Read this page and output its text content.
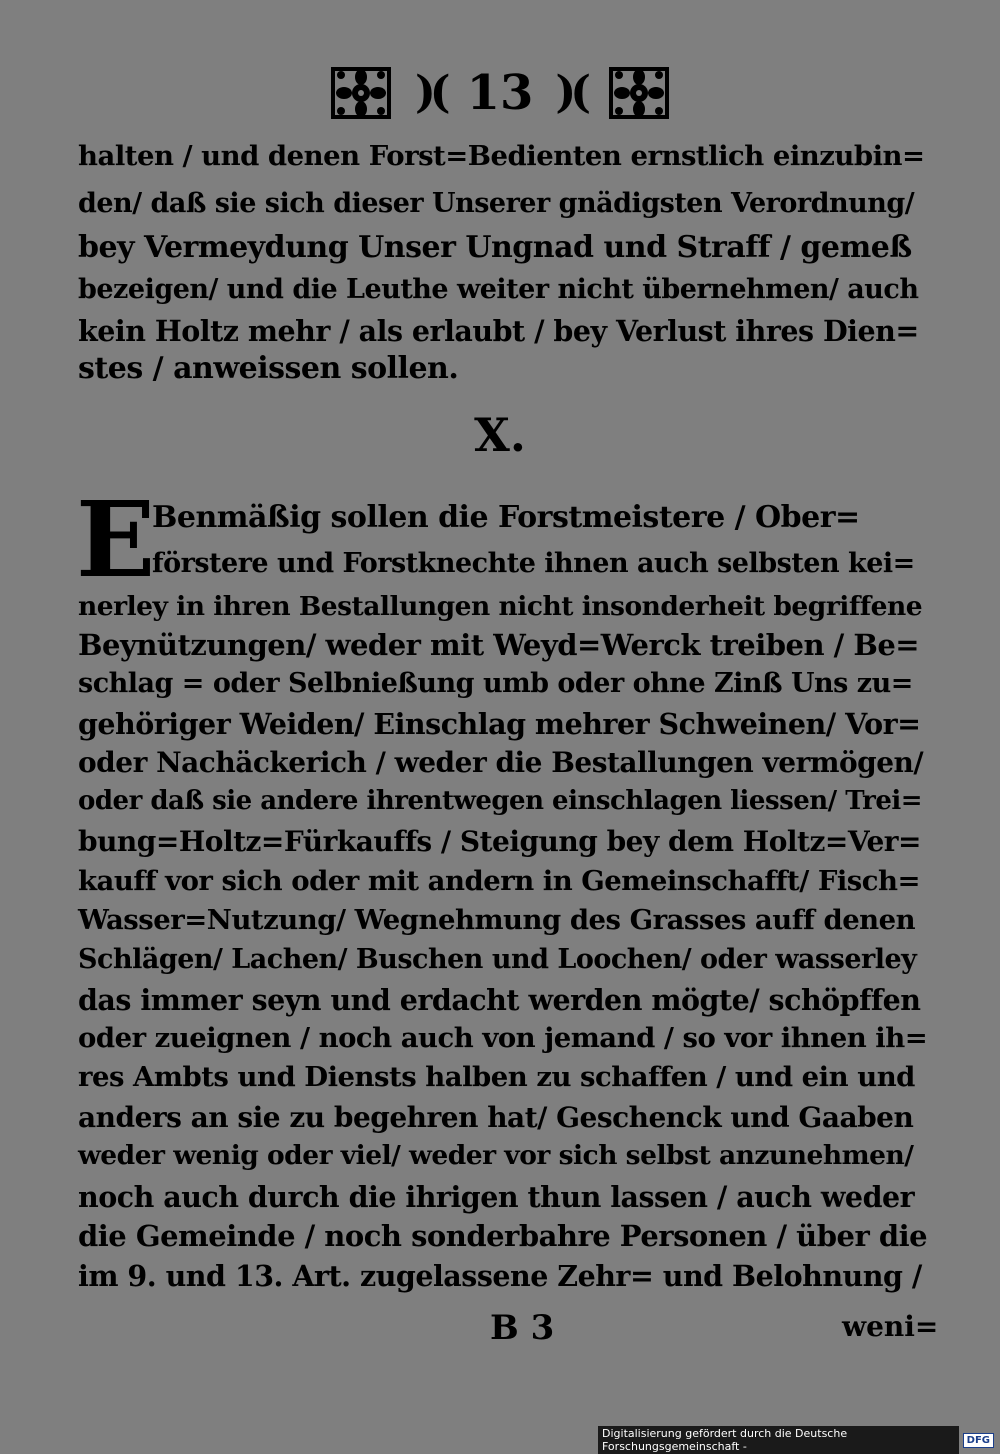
)( 13 )(
halten / und denen Forst=Bedienten ernstlich einzubin=
den/ daß sie sich dieser Unserer gnädigsten Verordnung/
bey Vermeydung Unser Ungnad und Straff / gemeß
bezeigen/ und die Leuthe weiter nicht übernehmen/ auch
kein Holtz mehr / als erlaubt / bey Verlust ihres Dien=
stes / anweissen sollen.
X.
E
Benmäßig sollen die Forstmeistere / Ober=
förstere und Forstknechte ihnen auch selbsten kei=
nerley in ihren Bestallungen nicht insonderheit begriffene
Beynützungen/ weder mit Weyd=Werck treiben / Be=
schlag = oder Selbnießung umb oder ohne Zinß Uns zu=
gehöriger Weiden/ Einschlag mehrer Schweinen/ Vor=
oder Nachäckerich / weder die Bestallungen vermögen/
oder daß sie andere ihrentwegen einschlagen liessen/ Trei=
bung=Holtz=Fürkauffs / Steigung bey dem Holtz=Ver=
kauff vor sich oder mit andern in Gemeinschafft/ Fisch=
Wasser=Nutzung/ Wegnehmung des Grasses auff denen
Schlägen/ Lachen/ Buschen und Loochen/ oder wasserley
das immer seyn und erdacht werden mögte/ schöpffen
oder zueignen / noch auch von jemand / so vor ihnen ih=
res Ambts und Diensts halben zu schaffen / und ein und
anders an sie zu begehren hat/ Geschenck und Gaaben
weder wenig oder viel/ weder vor sich selbst anzunehmen/
noch auch durch die ihrigen thun lassen / auch weder
die Gemeinde / noch sonderbahre Personen / über die
im 9. und 13. Art. zugelassene Zehr= und Belohnung /
B 3	weni=
Digitalisierung gefördert durch die Deutsche Forschungsgemeinschaft -	DFG
